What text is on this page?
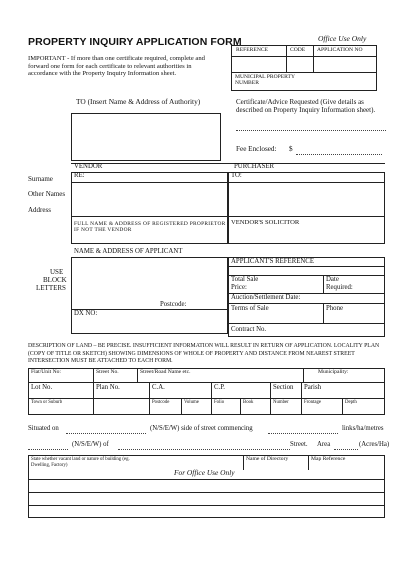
PROPERTY INQUIRY APPLICATION FORM	Office Use Only
IMPORTANT - If more than one certificate required, complete and forward one form for each certificate to relevant authorities in accordance with the Property Inquiry Information sheet.
REFERENCE	CODE APPLICATION NO
MUNICIPAL PROPERTY NUMBER
TO (Insert Name & Address of Authority)	Certificate/Advice Requested (Give details as described on Property Inquiry Information sheet).
Fee Enclosed: $
VENDOR	PURCHASER
RE:	TO:
Surname
Other Names
Address
FULL NAME & ADDRESS OF REGISTERED PROPRIETOR IF NOT THE VENDOR
VENDOR'S SOLICITOR
NAME & ADDRESS OF APPLICANT
USE
BLOCK
LETTERS
Postcode:
DX NO:
APPLICANT'S REFERENCE
Total Sale
Price:
Date
Required:
Auction/Settlement Date:
Terms of Sale	Phone
Contract No.
DESCRIPTION OF LAND – BE PRECISE. INSUFFICIENT INFORMATION WILL RESULT IN RETURN OF APPLICATION. LOCALITY PLAN (COPY OF TITLE OR SKETCH) SHOWING DIMENSIONS OF WHOLE OF PROPERTY AND DISTANCE FROM NEAREST STREET INTERSECTION MUST BE ATTACHED TO EACH FORM.
Flat/Unit No:	Street No.	Street/Road Name etc.	Municipality:
Lot No.	Plan No.	C.A.	C.P.	Section Parish
Town or Suburb	Postcode	Volume	Folio	Book	Number	Frontage	Depth
Situated on	(N/S/E/W) side of street commencing	links/ha/metres
(N/S/E/W) of	Street. Area	(Acres/Ha)
State whether vacant land or nature of building (eg. Dwelling, Factory)
Name of Directory	Map Reference
For Office Use Only
